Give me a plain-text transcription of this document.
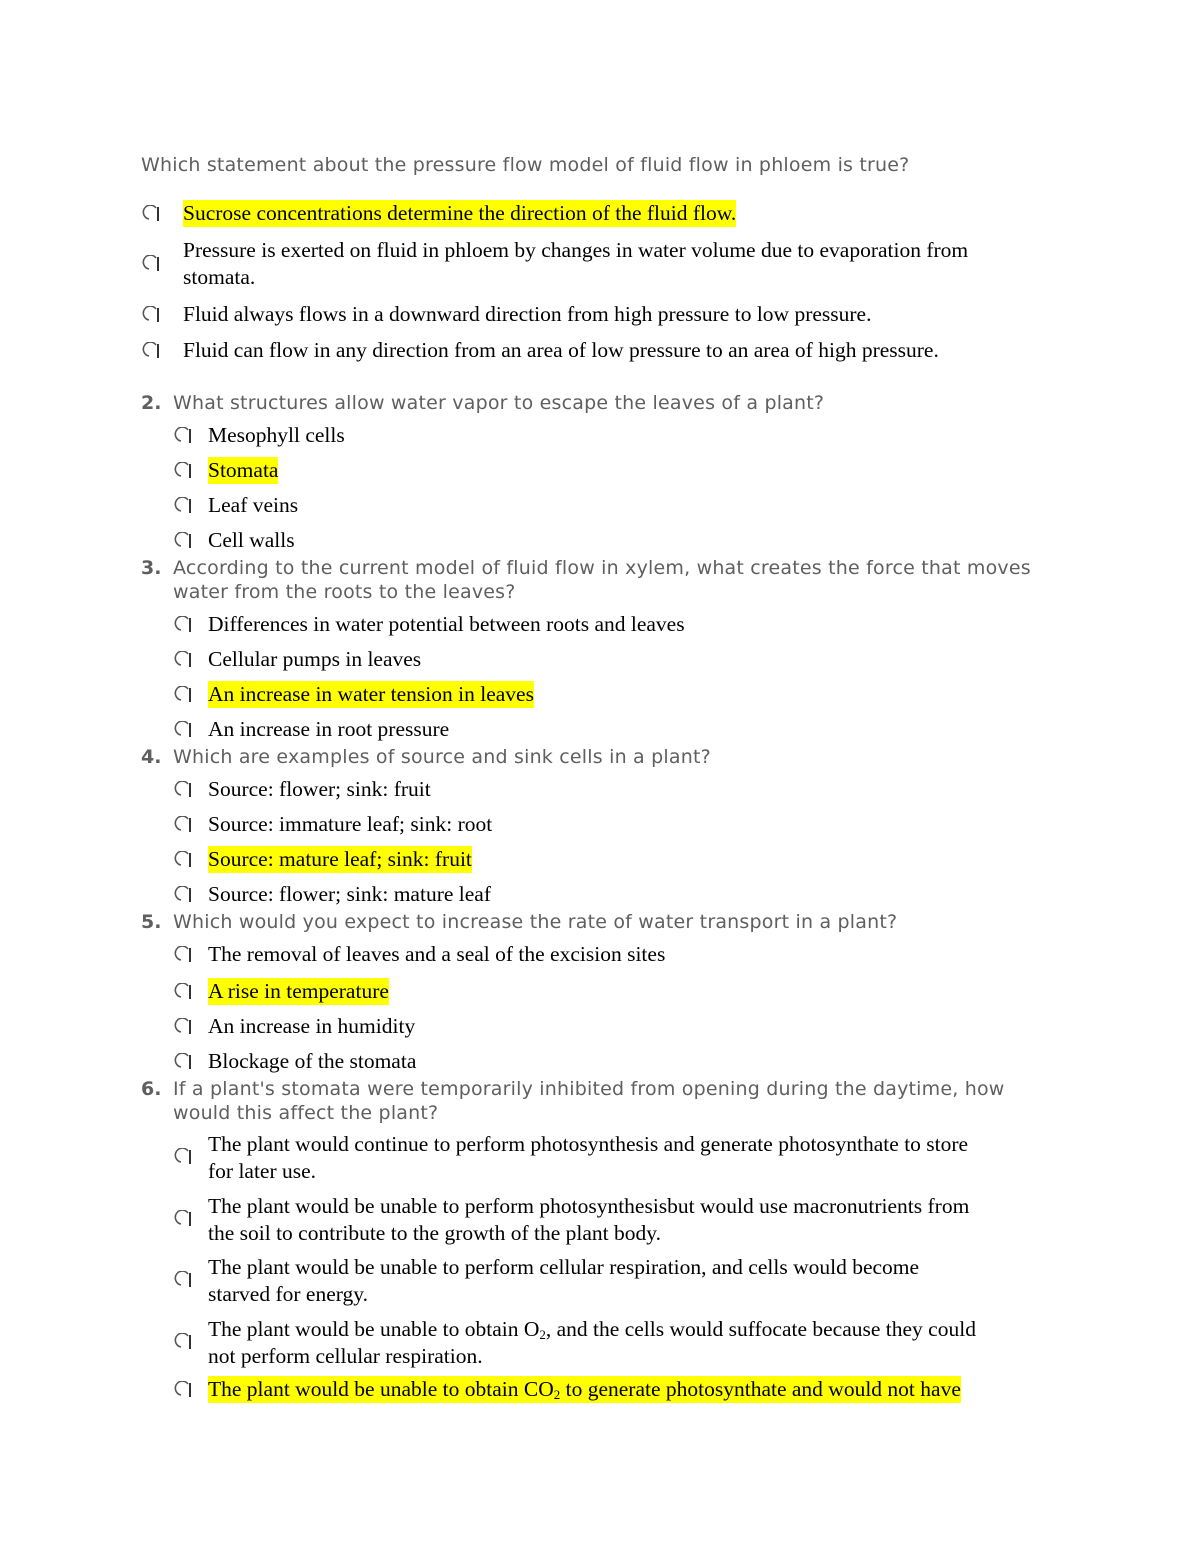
Which statement about the pressure flow model of fluid flow in phloem is true?
Sucrose concentrations determine the direction of the fluid flow.
Pressure is exerted on fluid in phloem by changes in water volume due to evaporation from
stomata.
Fluid always flows in a downward direction from high pressure to low pressure.
Fluid can flow in any direction from an area of low pressure to an area of high pressure.
2. What structures allow water vapor to escape the leaves of a plant?
Mesophyll cells
Stomata
Leaf veins
Cell walls
3. According to the current model of fluid flow in xylem, what creates the force that moves
water from the roots to the leaves?
Differences in water potential between roots and leaves
Cellular pumps in leaves
An increase in water tension in leaves
An increase in root pressure
4. Which are examples of source and sink cells in a plant?
Source: flower; sink: fruit
Source: immature leaf; sink: root
Source: mature leaf; sink: fruit
Source: flower; sink: mature leaf
5. Which would you expect to increase the rate of water transport in a plant?
The removal of leaves and a seal of the excision sites
A rise in temperature
An increase in humidity
Blockage of the stomata
6. If a plant's stomata were temporarily inhibited from opening during the daytime, how
would this affect the plant?
The plant would continue to perform photosynthesis and generate photosynthate to store
for later use.
The plant would be unable to perform photosynthesisbut would use macronutrients from
the soil to contribute to the growth of the plant body.
The plant would be unable to perform cellular respiration, and cells would become
starved for energy.
The plant would be unable to obtain $O_2$, and the cells would suffocate because they could
not perform cellular respiration.
The plant would be unable to obtain $CO_2$ to generate photosynthate and would not have
